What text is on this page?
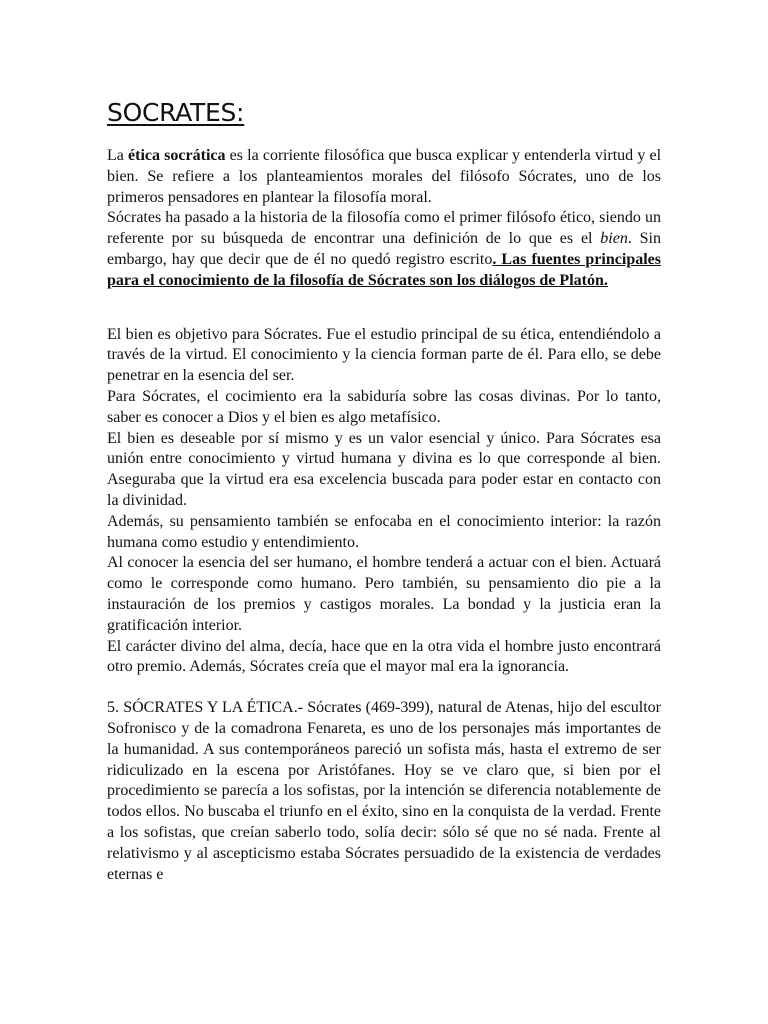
SOCRATES:

La ética socrática es la corriente filosófica que busca explicar y entenderla virtud y el bien. Se refiere a los planteamientos morales del filósofo Sócrates, uno de los primeros pensadores en plantear la filosofía moral.

Sócrates ha pasado a la historia de la filosofía como el primer filósofo ético, siendo un referente por su búsqueda de encontrar una definición de lo que es el bien. Sin embargo, hay que decir que de él no quedó registro escrito. Las fuentes principales para el conocimiento de la filosofía de Sócrates son los diálogos de Platón.

El bien es objetivo para Sócrates. Fue el estudio principal de su ética, entendiéndolo a través de la virtud. El conocimiento y la ciencia forman parte de él. Para ello, se debe penetrar en la esencia del ser.

Para Sócrates, el cocimiento era la sabiduría sobre las cosas divinas. Por lo tanto, saber es conocer a Dios y el bien es algo metafísico.

El bien es deseable por sí mismo y es un valor esencial y único. Para Sócrates esa unión entre conocimiento y virtud humana y divina es lo que corresponde al bien. Aseguraba que la virtud era esa excelencia buscada para poder estar en contacto con la divinidad.

Además, su pensamiento también se enfocaba en el conocimiento interior: la razón humana como estudio y entendimiento.

Al conocer la esencia del ser humano, el hombre tenderá a actuar con el bien. Actuará como le corresponde como humano. Pero también, su pensamiento dio pie a la instauración de los premios y castigos morales. La bondad y la justicia eran la gratificación interior.

El carácter divino del alma, decía, hace que en la otra vida el hombre justo encontrará otro premio. Además, Sócrates creía que el mayor mal era la ignorancia.

5. SÓCRATES Y LA ÉTICA.- Sócrates (469-399), natural de Atenas, hijo del escultor Sofronisco y de la comadrona Fenareta, es uno de los personajes más importantes de la humanidad. A sus contemporáneos pareció un sofista más, hasta el extremo de ser ridiculizado en la escena por Aristófanes. Hoy se ve claro que, si bien por el procedimiento se parecía a los sofistas, por la intención se diferencia notablemente de todos ellos. No buscaba el triunfo en el éxito, sino en la conquista de la verdad. Frente a los sofistas, que creían saberlo todo, solía decir: sólo sé que no sé nada. Frente al relativismo y al ascepticismo estaba Sócrates persuadido de la existencia de verdades eternas e
